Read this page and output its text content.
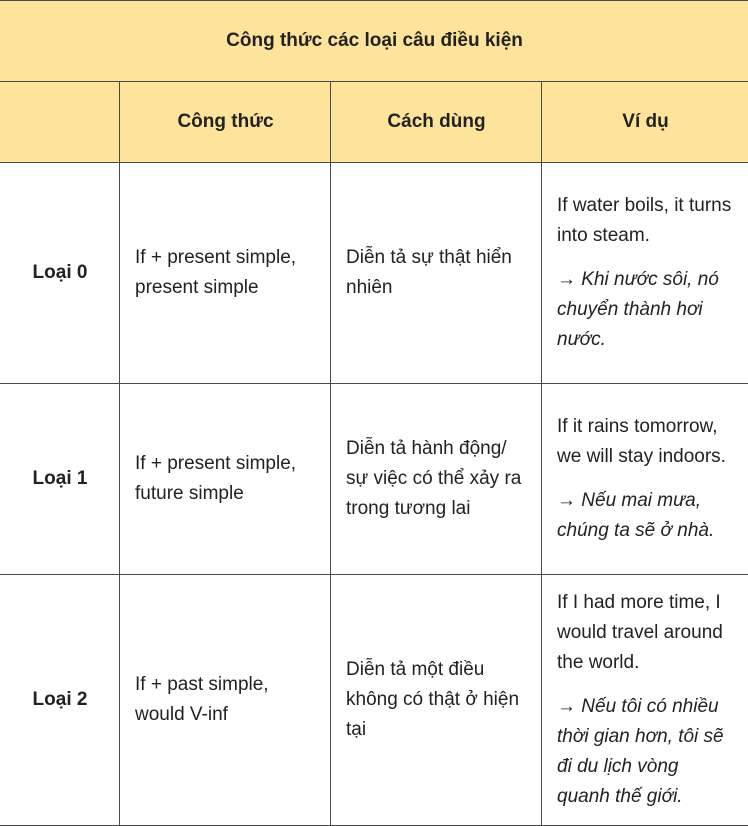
Công thức các loại câu điều kiện			
	Công thức	Cách dùng	Ví dụ
Loại 0	If + present simple, present simple	Diễn tả sự thật hiển nhiên	If water boils, it turns into steam.

→ Khi nước sôi, nó chuyển thành hơi nước.

Loại 1	If + present simple, future simple	Diễn tả hành động/ sự việc có thể xảy ra trong tương lai	If it rains tomorrow, we will stay indoors.

→ Nếu mai mưa, chúng ta sẽ ở nhà.

Loại 2	If + past simple, would V-inf	Diễn tả một điều không có thật ở hiện tại	If I had more time, I would travel around the world.

→ Nếu tôi có nhiều thời gian hơn, tôi sẽ đi du lịch vòng quanh thế giới.
